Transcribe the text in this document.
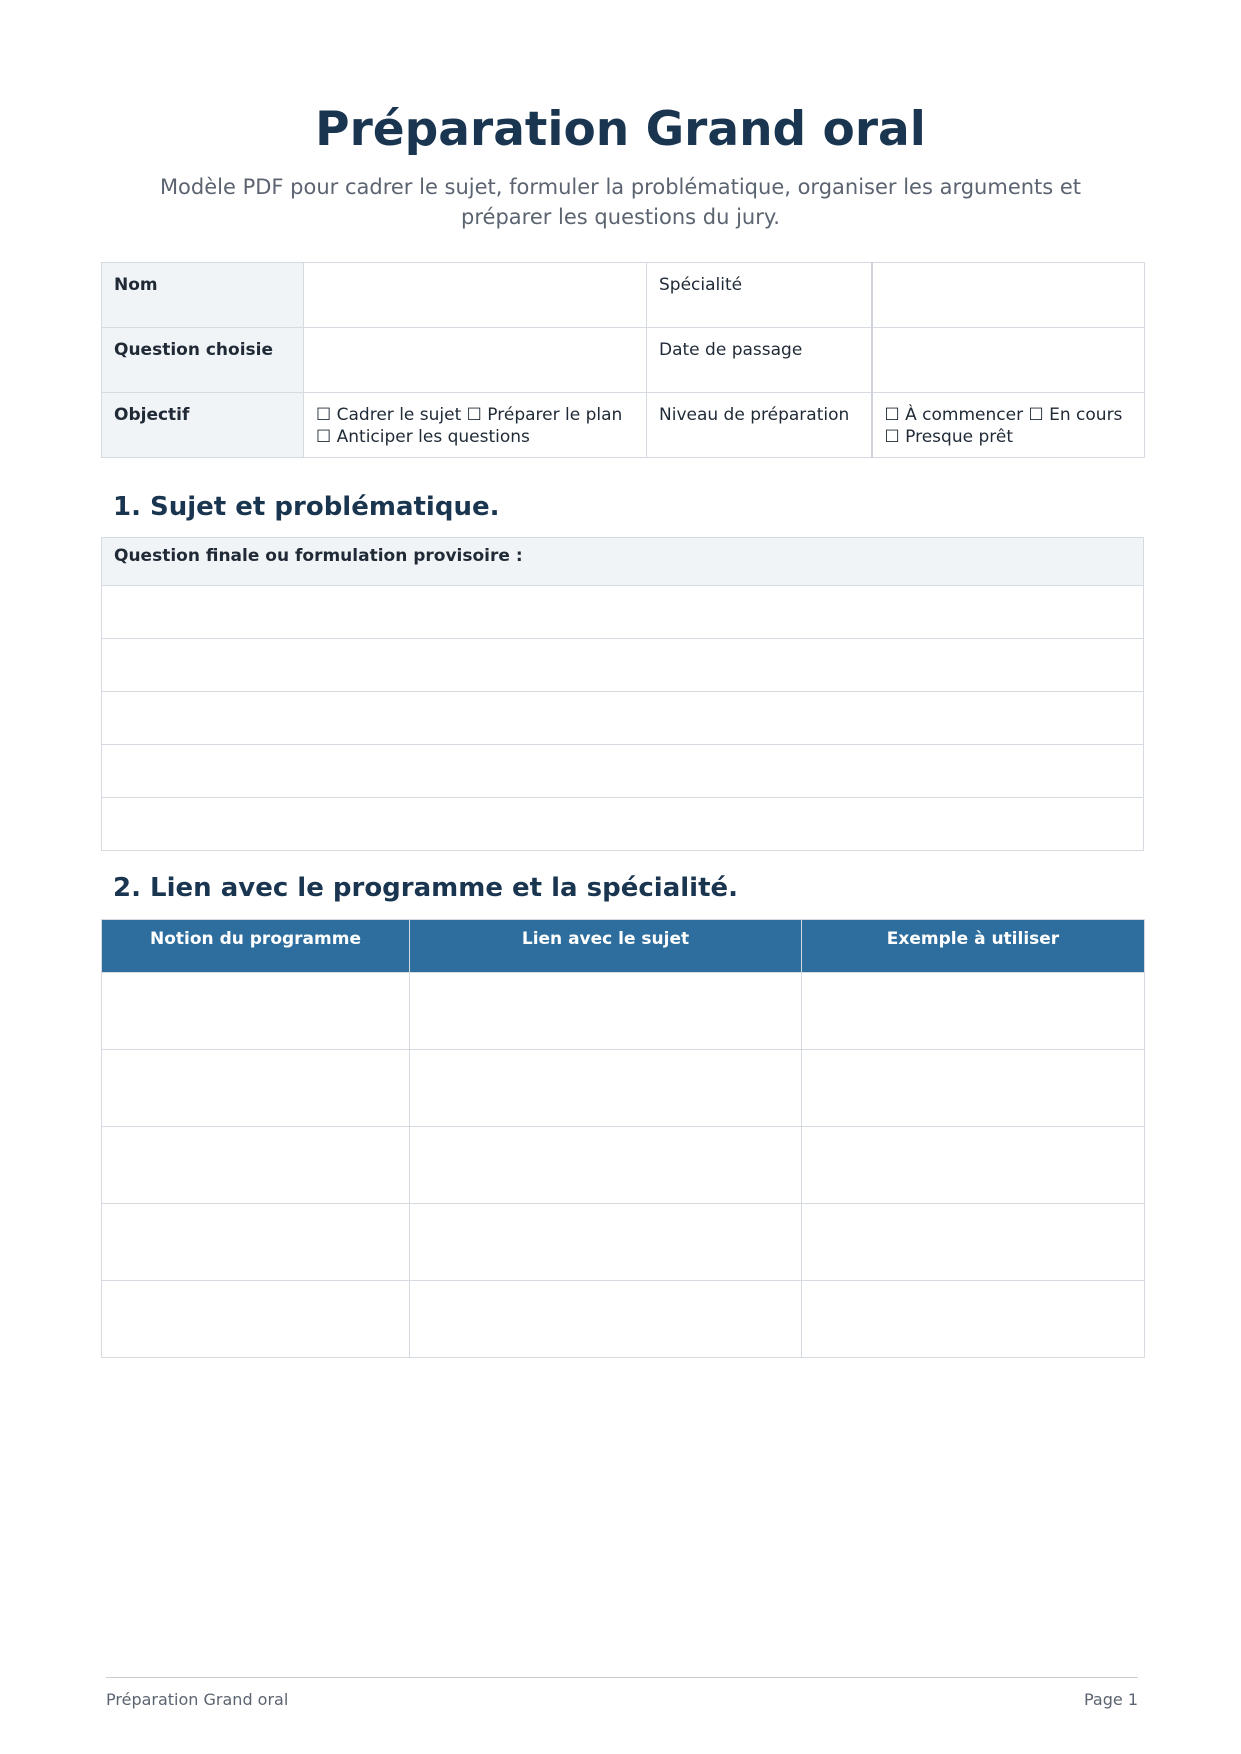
Préparation Grand oral

Modèle PDF pour cadrer le sujet, formuler la problématique, organiser les arguments et préparer les questions du jury.

Nom		Spécialité	
Question choisie		Date de passage	
Objectif	☐ Cadrer le sujet ☐ Préparer le plan ☐ Anticiper les questions	Niveau de préparation	☐ À commencer ☐ En cours ☐ Presque prêt
1. Sujet et problématique.
Question finale ou formulation provisoire :

2. Lien avec le programme et la spécialité.
Notion du programme	Lien avec le sujet	Exemple à utiliser

Préparation Grand oral	Page 1
